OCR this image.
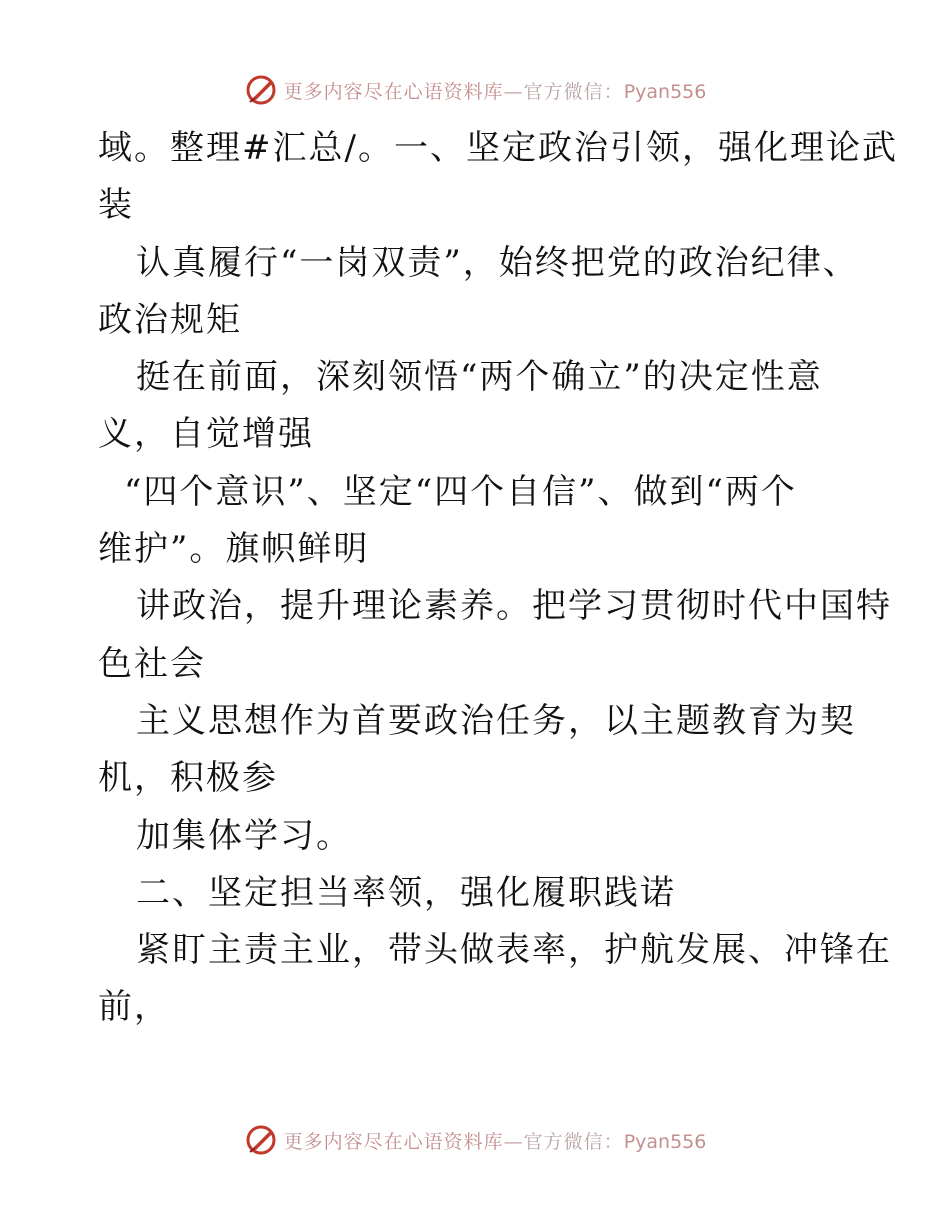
更多内容尽在心语资料库—官方微信：Pyan556
域。整理#汇总/。一、坚定政治引领，强化理论武
装
认真履行“一岗双责”，始终把党的政治纪律、
政治规矩
挺在前面，深刻领悟“两个确立”的决定性意
义，自觉增强
“四个意识”、坚定“四个自信”、做到“两个
维护”。旗帜鲜明
讲政治，提升理论素养。把学习贯彻时代中国特
色社会
主义思想作为首要政治任务，以主题教育为契
机，积极参
加集体学习。
二、坚定担当率领，强化履职践诺
紧盯主责主业，带头做表率，护航发展、冲锋在
前，
更多内容尽在心语资料库—官方微信：Pyan556
